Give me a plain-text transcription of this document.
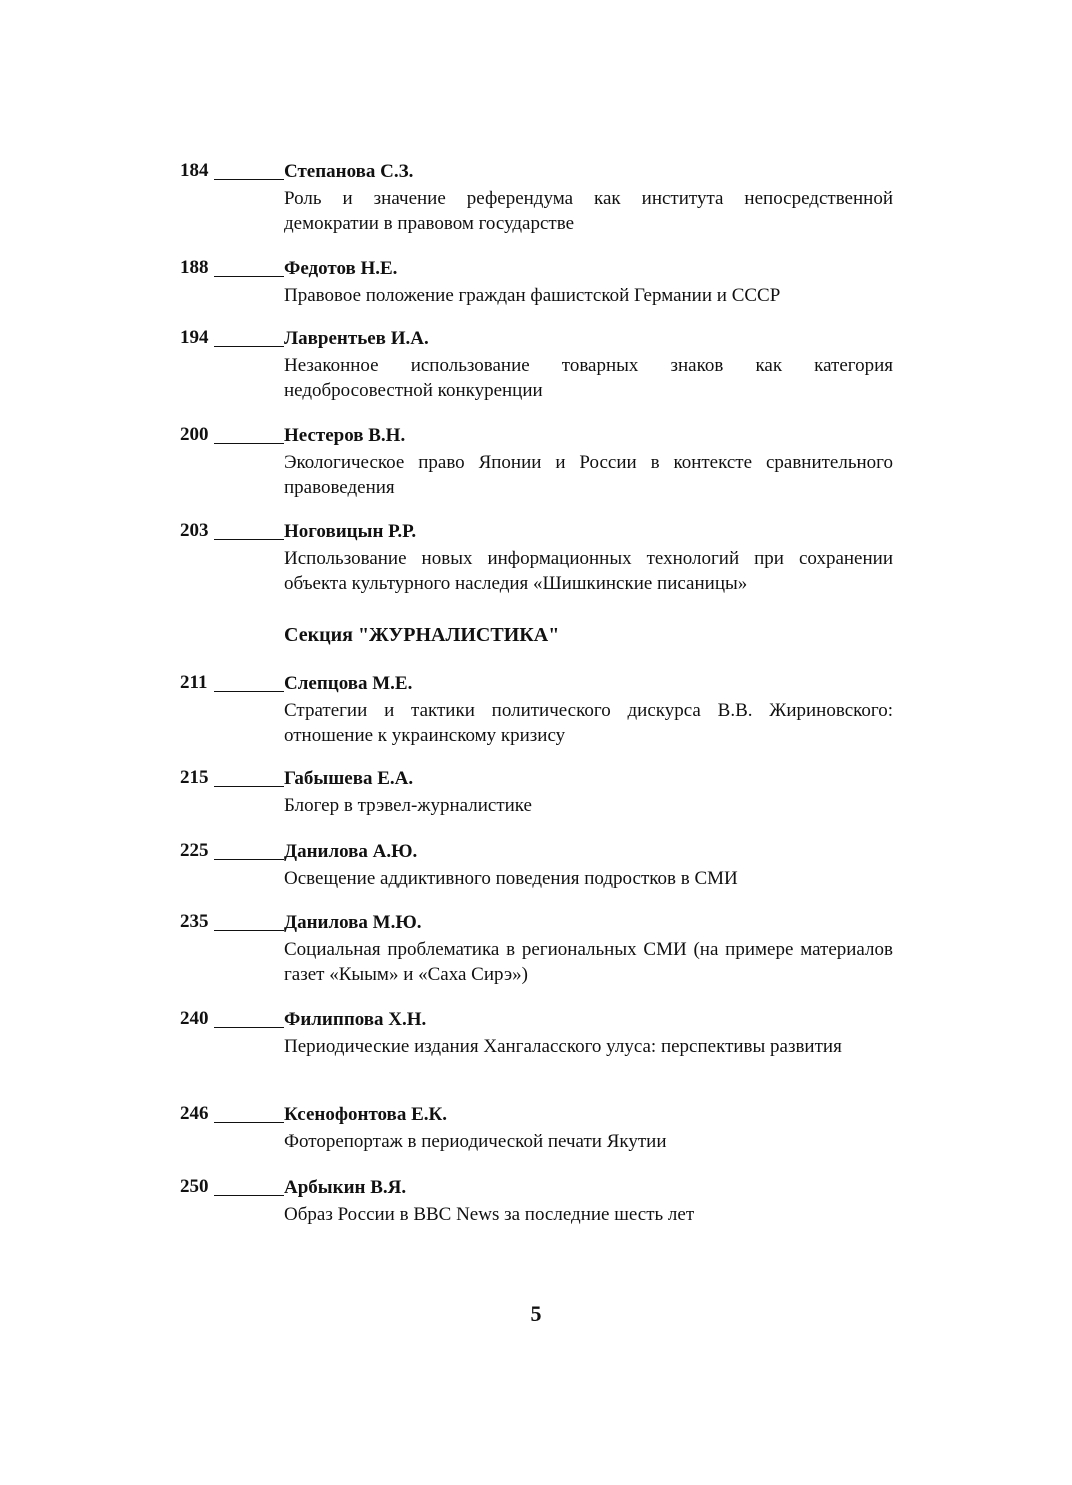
184	Степанова С.З.
Роль и значение референдума как института непосредственной демократии в правовом государстве
188	Федотов Н.Е.
Правовое положение граждан фашистской Германии и СССР
194	Лаврентьев И.А.
Незаконное использование товарных знаков как категория недобросовестной конкуренции
200	Нестеров В.Н.
Экологическое право Японии и России в контексте сравнительного правоведения
203	Ноговицын Р.Р.
Использование новых информационных технологий при сохранении объекта культурного наследия «Шишкинские писаницы»
Секция "ЖУРНАЛИСТИКА"
211	Слепцова М.Е.
Стратегии и тактики политического дискурса В.В. Жириновского: отношение к украинскому кризису
215	Габышева Е.А.
Блогер в трэвел-журналистике
225	Данилова А.Ю.
Освещение аддиктивного поведения подростков в СМИ
235	Данилова М.Ю.
Социальная проблематика в региональных СМИ (на примере материалов газет «Кыым» и «Саха Сирэ»)
240	Филиппова Х.Н.
Периодические издания Хангаласского улуса: перспективы развития
246	Ксенофонтова Е.К.
Фоторепортаж в периодической печати Якутии
250	Арбыкин В.Я.
Образ России в BBC News за последние шесть лет
5
